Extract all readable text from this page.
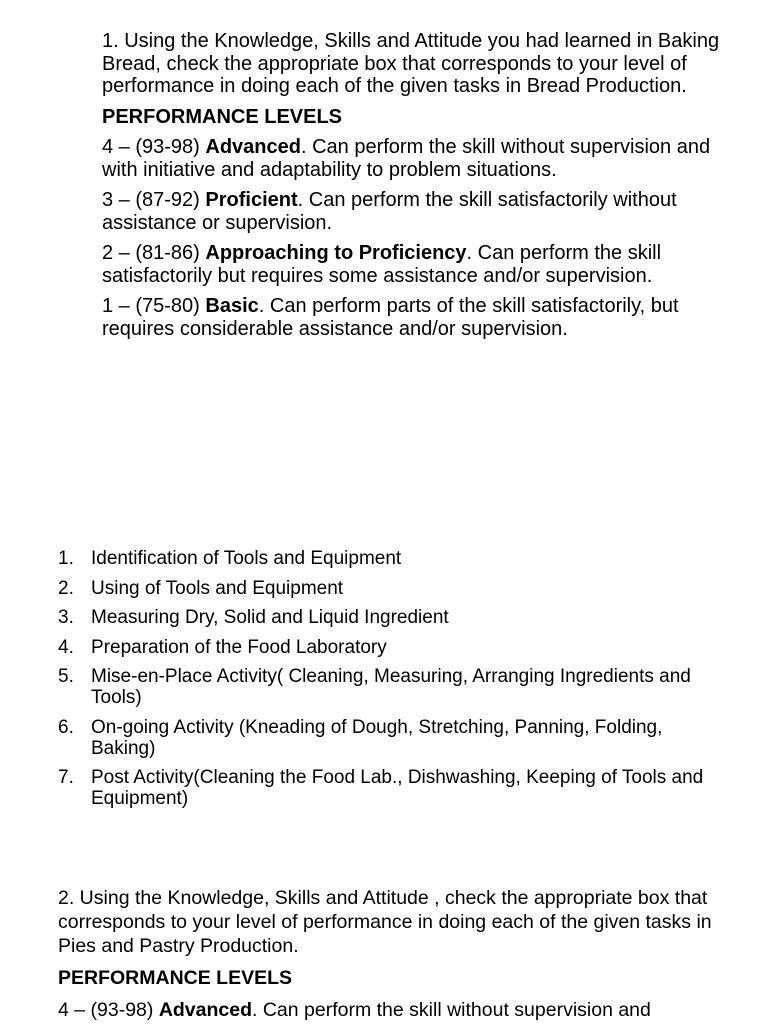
1. Using the Knowledge, Skills and Attitude you had learned in Baking Bread, check the appropriate box that corresponds to your level of performance in doing each of the given tasks in Bread Production.

PERFORMANCE LEVELS

4 – (93-98) Advanced. Can perform the skill without supervision and with initiative and adaptability to problem situations.

3 – (87-92) Proficient. Can perform the skill satisfactorily without assistance or supervision.

2 – (81-86) Approaching to Proficiency. Can perform the skill satisfactorily but requires some assistance and/or supervision.

1 – (75-80) Basic. Can perform parts of the skill satisfactorily, but requires considerable assistance and/or supervision.

1. Identification of Tools and Equipment
2. Using of Tools and Equipment
3. Measuring Dry, Solid and Liquid Ingredient
4. Preparation of the Food Laboratory
5. Mise-en-Place Activity( Cleaning, Measuring, Arranging Ingredients and Tools)
6. On-going Activity (Kneading of Dough, Stretching, Panning, Folding, Baking)
7. Post Activity(Cleaning the Food Lab., Dishwashing, Keeping of Tools and Equipment)

2. Using the Knowledge, Skills and Attitude , check the appropriate box that corresponds to your level of performance in doing each of the given tasks in Pies and Pastry Production.

PERFORMANCE LEVELS

4 – (93-98) Advanced. Can perform the skill without supervision and
